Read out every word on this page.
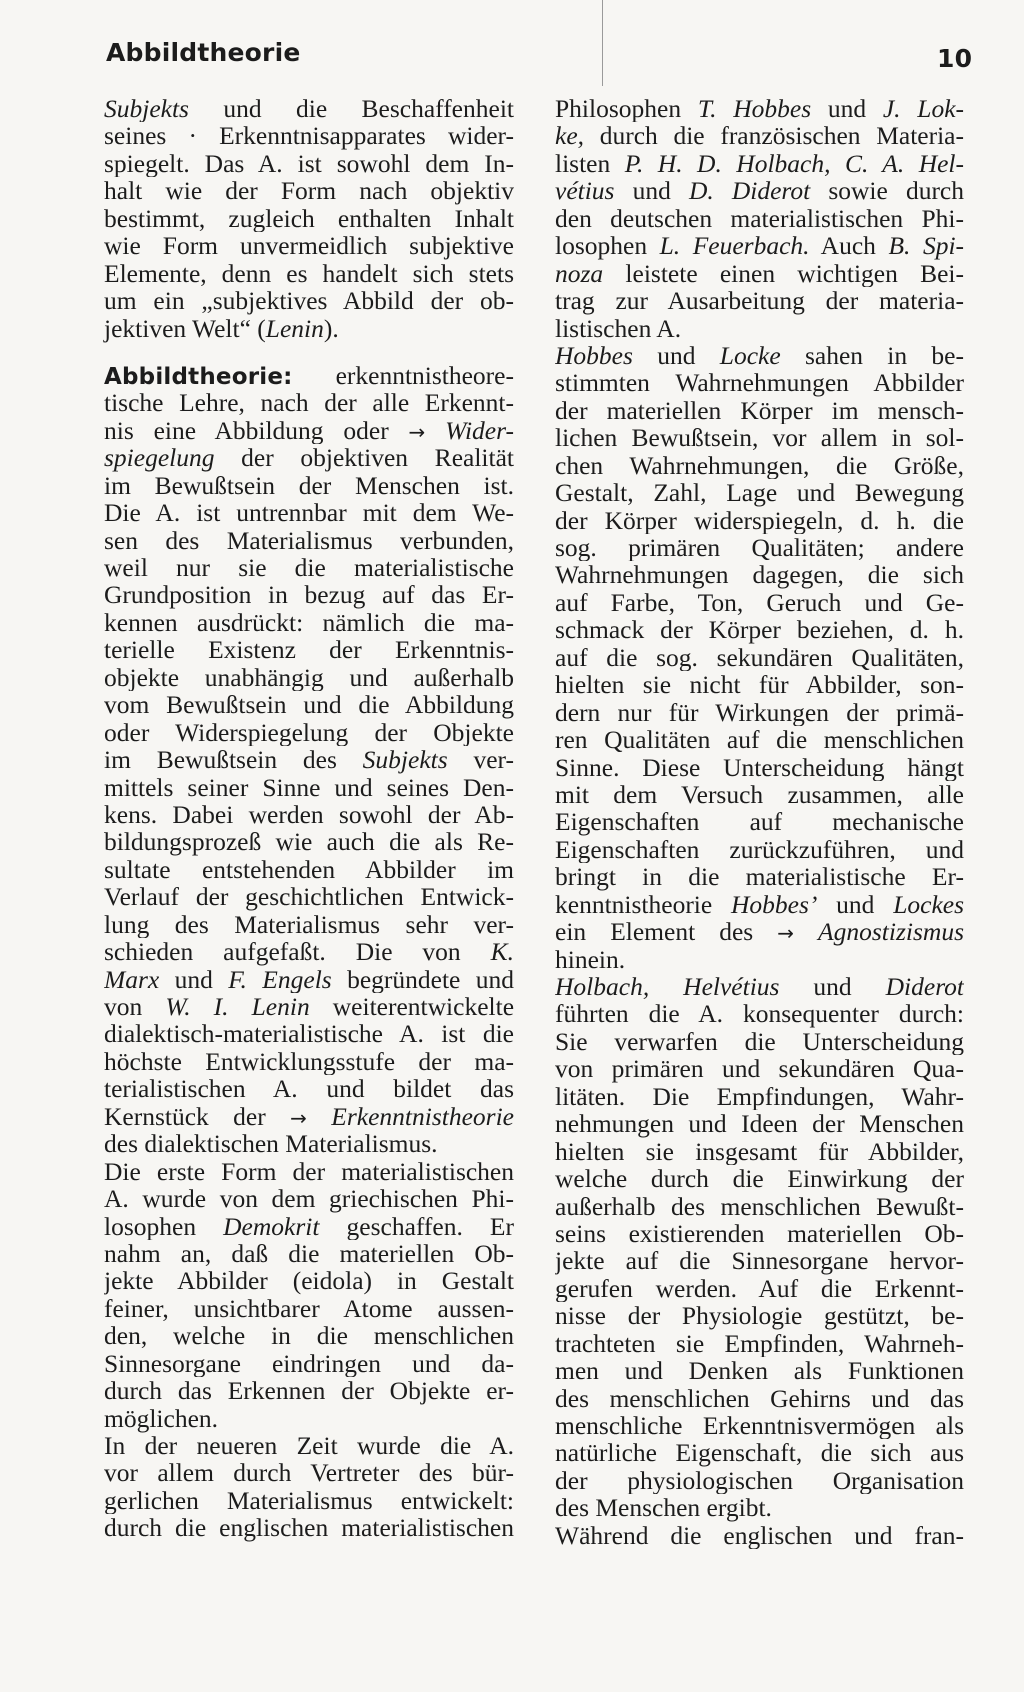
Abbildtheorie	10
Subjekts und die Beschaffenheit
seines · Erkenntnisapparates wider-
spiegelt. Das A. ist sowohl dem In-
halt wie der Form nach objektiv
bestimmt, zugleich enthalten Inhalt
wie Form unvermeidlich subjektive
Elemente, denn es handelt sich stets
um ein „subjektives Abbild der ob-
jektiven Welt“ (Lenin).
Abbildtheorie: erkenntnistheore-
tische Lehre, nach der alle Erkennt-
nis eine Abbildung oder → Wider-
spiegelung der objektiven Realität
im Bewußtsein der Menschen ist.
Die A. ist untrennbar mit dem We-
sen des Materialismus verbunden,
weil nur sie die materialistische
Grundposition in bezug auf das Er-
kennen ausdrückt: nämlich die ma-
terielle Existenz der Erkenntnis-
objekte unabhängig und außerhalb
vom Bewußtsein und die Abbildung
oder Widerspiegelung der Objekte
im Bewußtsein des Subjekts ver-
mittels seiner Sinne und seines Den-
kens. Dabei werden sowohl der Ab-
bildungsprozeß wie auch die als Re-
sultate entstehenden Abbilder im
Verlauf der geschichtlichen Entwick-
lung des Materialismus sehr ver-
schieden aufgefaßt. Die von K.
Marx und F. Engels begründete und
von W. I. Lenin weiterentwickelte
dialektisch-materialistische A. ist die
höchste Entwicklungsstufe der ma-
terialistischen A. und bildet das
Kernstück der → Erkenntnistheorie
des dialektischen Materialismus.
Die erste Form der materialistischen
A. wurde von dem griechischen Phi-
losophen Demokrit geschaffen. Er
nahm an, daß die materiellen Ob-
jekte Abbilder (eidola) in Gestalt
feiner, unsichtbarer Atome aussen-
den, welche in die menschlichen
Sinnesorgane eindringen und da-
durch das Erkennen der Objekte er-
möglichen.
In der neueren Zeit wurde die A.
vor allem durch Vertreter des bür-
gerlichen Materialismus entwickelt:
durch die englischen materialistischen
Philosophen T. Hobbes und J. Lok-
ke, durch die französischen Materia-
listen P. H. D. Holbach, C. A. Hel-
vétius und D. Diderot sowie durch
den deutschen materialistischen Phi-
losophen L. Feuerbach. Auch B. Spi-
noza leistete einen wichtigen Bei-
trag zur Ausarbeitung der materia-
listischen A.
Hobbes und Locke sahen in be-
stimmten Wahrnehmungen Abbilder
der materiellen Körper im mensch-
lichen Bewußtsein, vor allem in sol-
chen Wahrnehmungen, die Größe,
Gestalt, Zahl, Lage und Bewegung
der Körper widerspiegeln, d. h. die
sog. primären Qualitäten; andere
Wahrnehmungen dagegen, die sich
auf Farbe, Ton, Geruch und Ge-
schmack der Körper beziehen, d. h.
auf die sog. sekundären Qualitäten,
hielten sie nicht für Abbilder, son-
dern nur für Wirkungen der primä-
ren Qualitäten auf die menschlichen
Sinne. Diese Unterscheidung hängt
mit dem Versuch zusammen, alle
Eigenschaften auf mechanische
Eigenschaften zurückzuführen, und
bringt in die materialistische Er-
kenntnistheorie Hobbes’ und Lockes
ein Element des → Agnostizismus
hinein.
Holbach, Helvétius und Diderot
führten die A. konsequenter durch:
Sie verwarfen die Unterscheidung
von primären und sekundären Qua-
litäten. Die Empfindungen, Wahr-
nehmungen und Ideen der Menschen
hielten sie insgesamt für Abbilder,
welche durch die Einwirkung der
außerhalb des menschlichen Bewußt-
seins existierenden materiellen Ob-
jekte auf die Sinnesorgane hervor-
gerufen werden. Auf die Erkennt-
nisse der Physiologie gestützt, be-
trachteten sie Empfinden, Wahrneh-
men und Denken als Funktionen
des menschlichen Gehirns und das
menschliche Erkenntnisvermögen als
natürliche Eigenschaft, die sich aus
der physiologischen Organisation
des Menschen ergibt.
Während die englischen und fran-
